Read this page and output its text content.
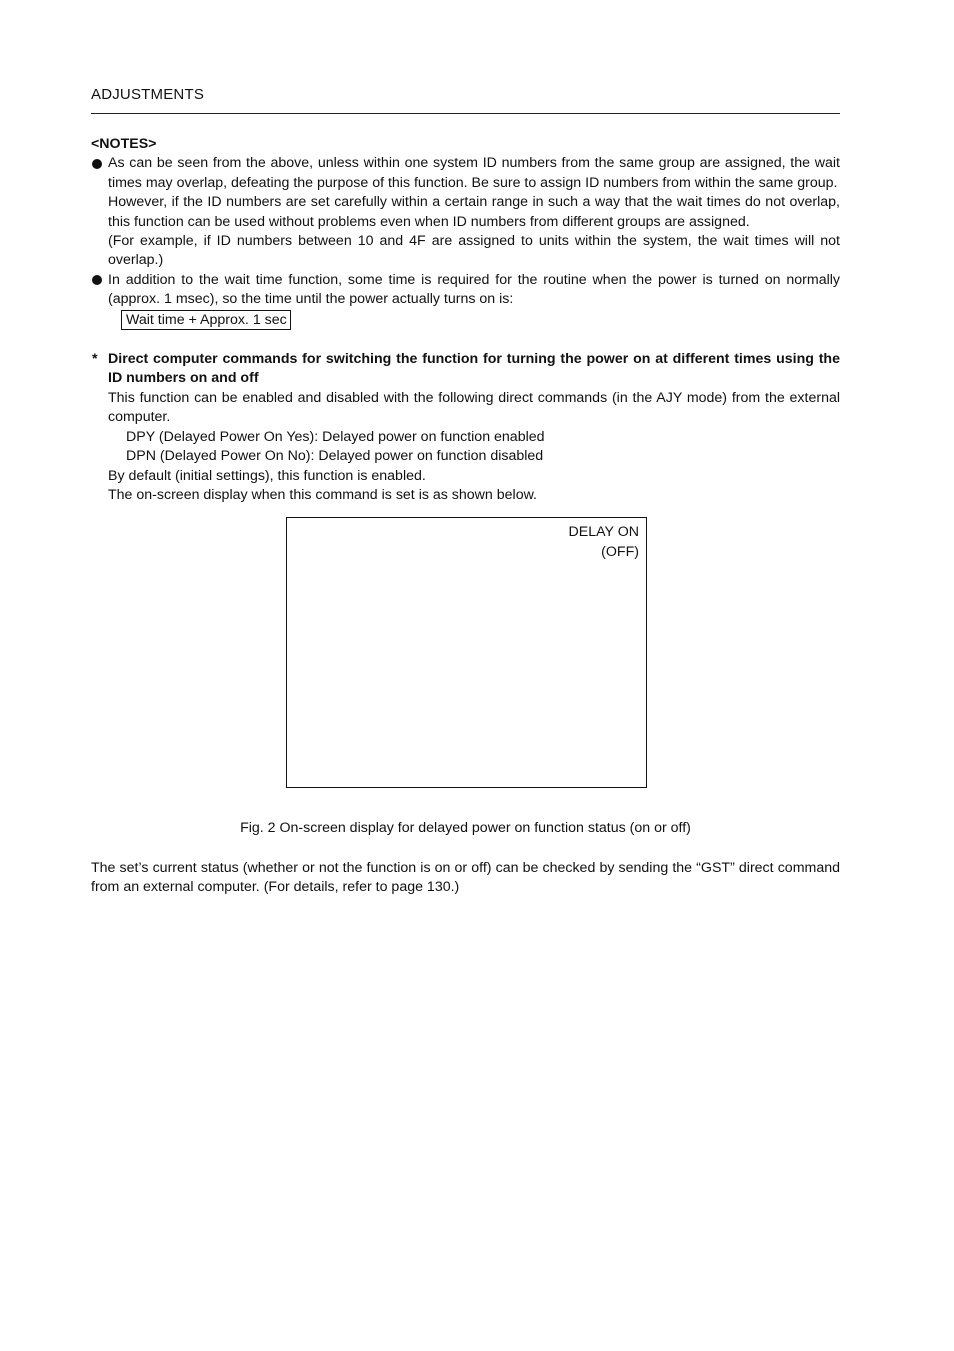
ADJUSTMENTS
<NOTES>

As can be seen from the above, unless within one system ID numbers from the same group are assigned, the wait times may overlap, defeating the purpose of this function. Be sure to assign ID numbers from within the same group.

However, if the ID numbers are set carefully within a certain range in such a way that the wait times do not overlap, this function can be used without problems even when ID numbers from different groups are assigned.

(For example, if ID numbers between 10 and 4F are assigned to units within the system, the wait times will not overlap.)

In addition to the wait time function, some time is required for the routine when the power is turned on normally (approx. 1 msec), so the time until the power actually turns on is:

Wait time + Approx. 1 sec
* Direct computer commands for switching the function for turning the power on at different times using the ID numbers on and off

This function can be enabled and disabled with the following direct commands (in the AJY mode) from the external computer.

DPY (Delayed Power On Yes): Delayed power on function enabled
DPN (Delayed Power On No): Delayed power on function disabled
By default (initial settings), this function is enabled.
The on-screen display when this command is set is as shown below.
DELAY ON
(OFF)
Fig. 2 On-screen display for delayed power on function status (on or off)

The set’s current status (whether or not the function is on or off) can be checked by sending the “GST” direct command from an external computer. (For details, refer to page 130.)
